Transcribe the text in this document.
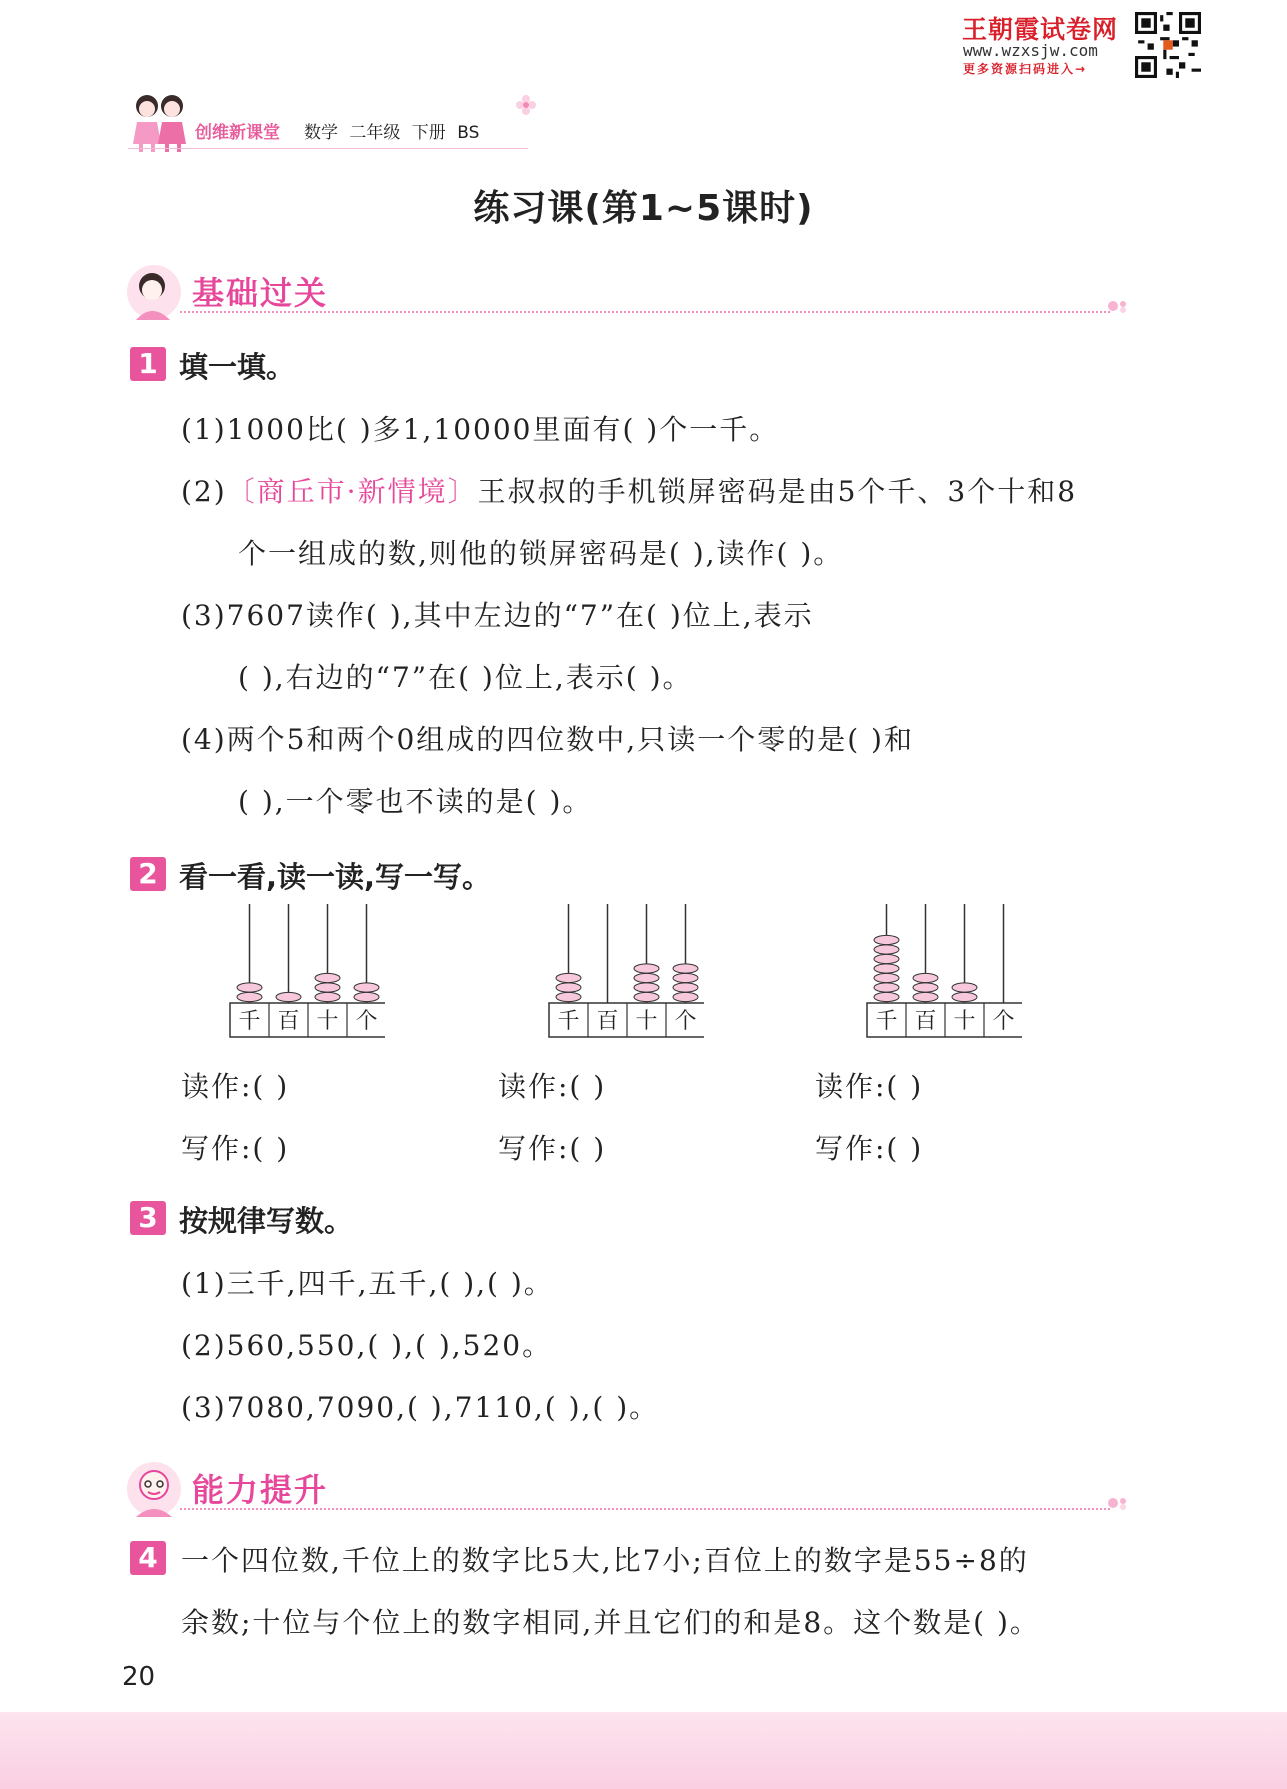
王朝霞试卷网
www.wzxsjw.com
更多资源扫码进入→
创维新课堂 数学 二年级 下册 BS
练习课(第1~5课时)
基础过关
1 填一填。
(1)1000比( )多1,10000里面有( )个一千。
(2)〔商丘市·新情境〕王叔叔的手机锁屏密码是由5个千、3个十和8
个一组成的数,则他的锁屏密码是( ),读作( )。
(3)7607读作( ),其中左边的“7”在( )位上,表示
( ),右边的“7”在( )位上,表示( )。
(4)两个5和两个0组成的四位数中,只读一个零的是( )和
( ),一个零也不读的是( )。
2 看一看,读一读,写一写。
千 百 十 个	千 百 十 个	千 百 十 个
读作:( )	读作:( )	读作:( )
写作:( )	写作:( )	写作:( )
3 按规律写数。
(1)三千,四千,五千,( ),( )。
(2)560,550,( ),( ),520。
(3)7080,7090,( ),7110,( ),( )。
能力提升
4 一个四位数,千位上的数字比5大,比7小;百位上的数字是55÷8的
余数;十位与个位上的数字相同,并且它们的和是8。这个数是( )。
20
